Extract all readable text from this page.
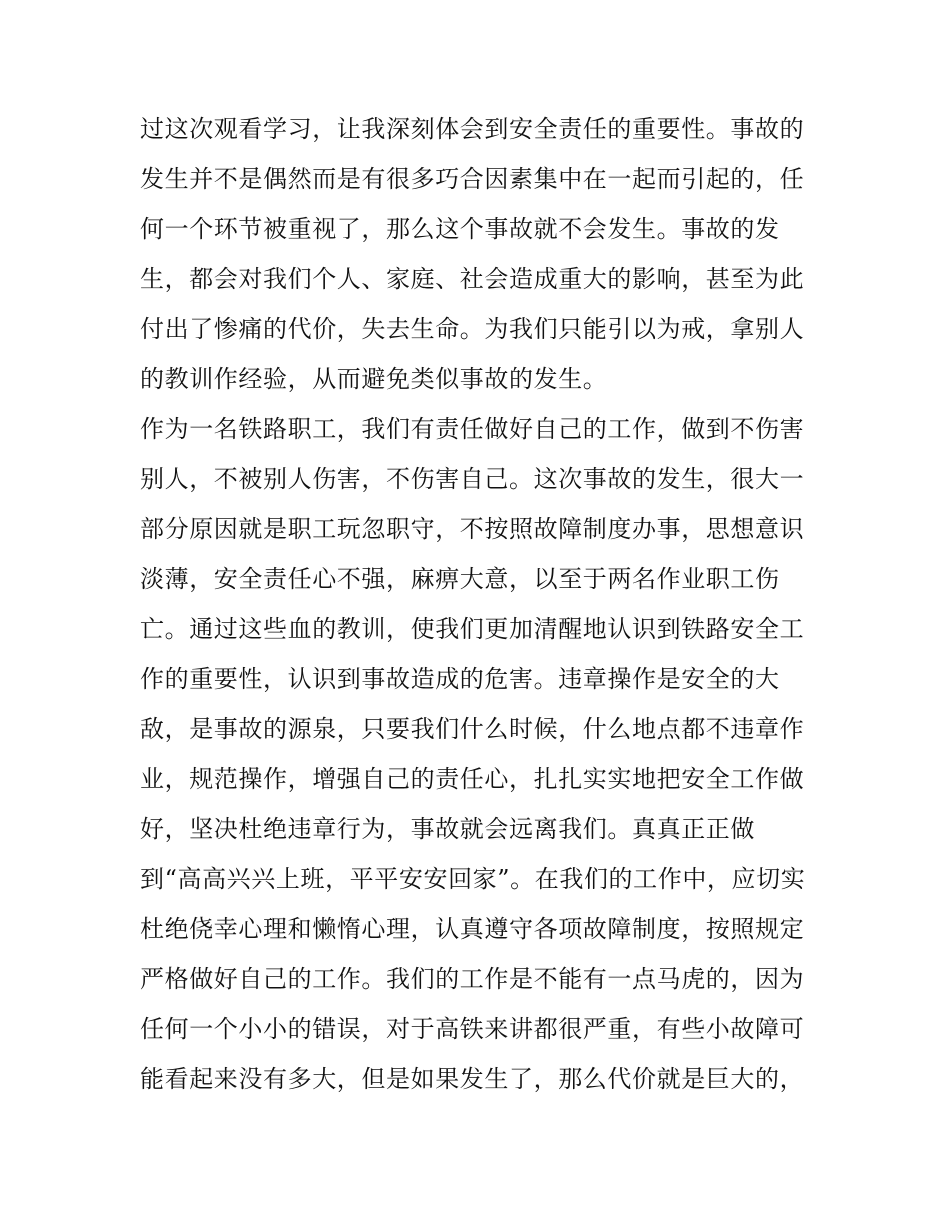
过这次观看学习，让我深刻体会到安全责任的重要性。事故的
发生并不是偶然而是有很多巧合因素集中在一起而引起的，任
何一个环节被重视了，那么这个事故就不会发生。事故的发
生，都会对我们个人、家庭、社会造成重大的影响，甚至为此
付出了惨痛的代价，失去生命。为我们只能引以为戒，拿别人
的教训作经验，从而避免类似事故的发生。
作为一名铁路职工，我们有责任做好自己的工作，做到不伤害
别人，不被别人伤害，不伤害自己。这次事故的发生，很大一
部分原因就是职工玩忽职守，不按照故障制度办事，思想意识
淡薄，安全责任心不强，麻痹大意，以至于两名作业职工伤
亡。通过这些血的教训，使我们更加清醒地认识到铁路安全工
作的重要性，认识到事故造成的危害。违章操作是安全的大
敌，是事故的源泉，只要我们什么时候，什么地点都不违章作
业，规范操作，增强自己的责任心，扎扎实实地把安全工作做
好，坚决杜绝违章行为，事故就会远离我们。真真正正做
到“高高兴兴上班，平平安安回家”。在我们的工作中，应切实
杜绝侥幸心理和懒惰心理，认真遵守各项故障制度，按照规定
严格做好自己的工作。我们的工作是不能有一点马虎的，因为
任何一个小小的错误，对于高铁来讲都很严重，有些小故障可
能看起来没有多大，但是如果发生了，那么代价就是巨大的，
